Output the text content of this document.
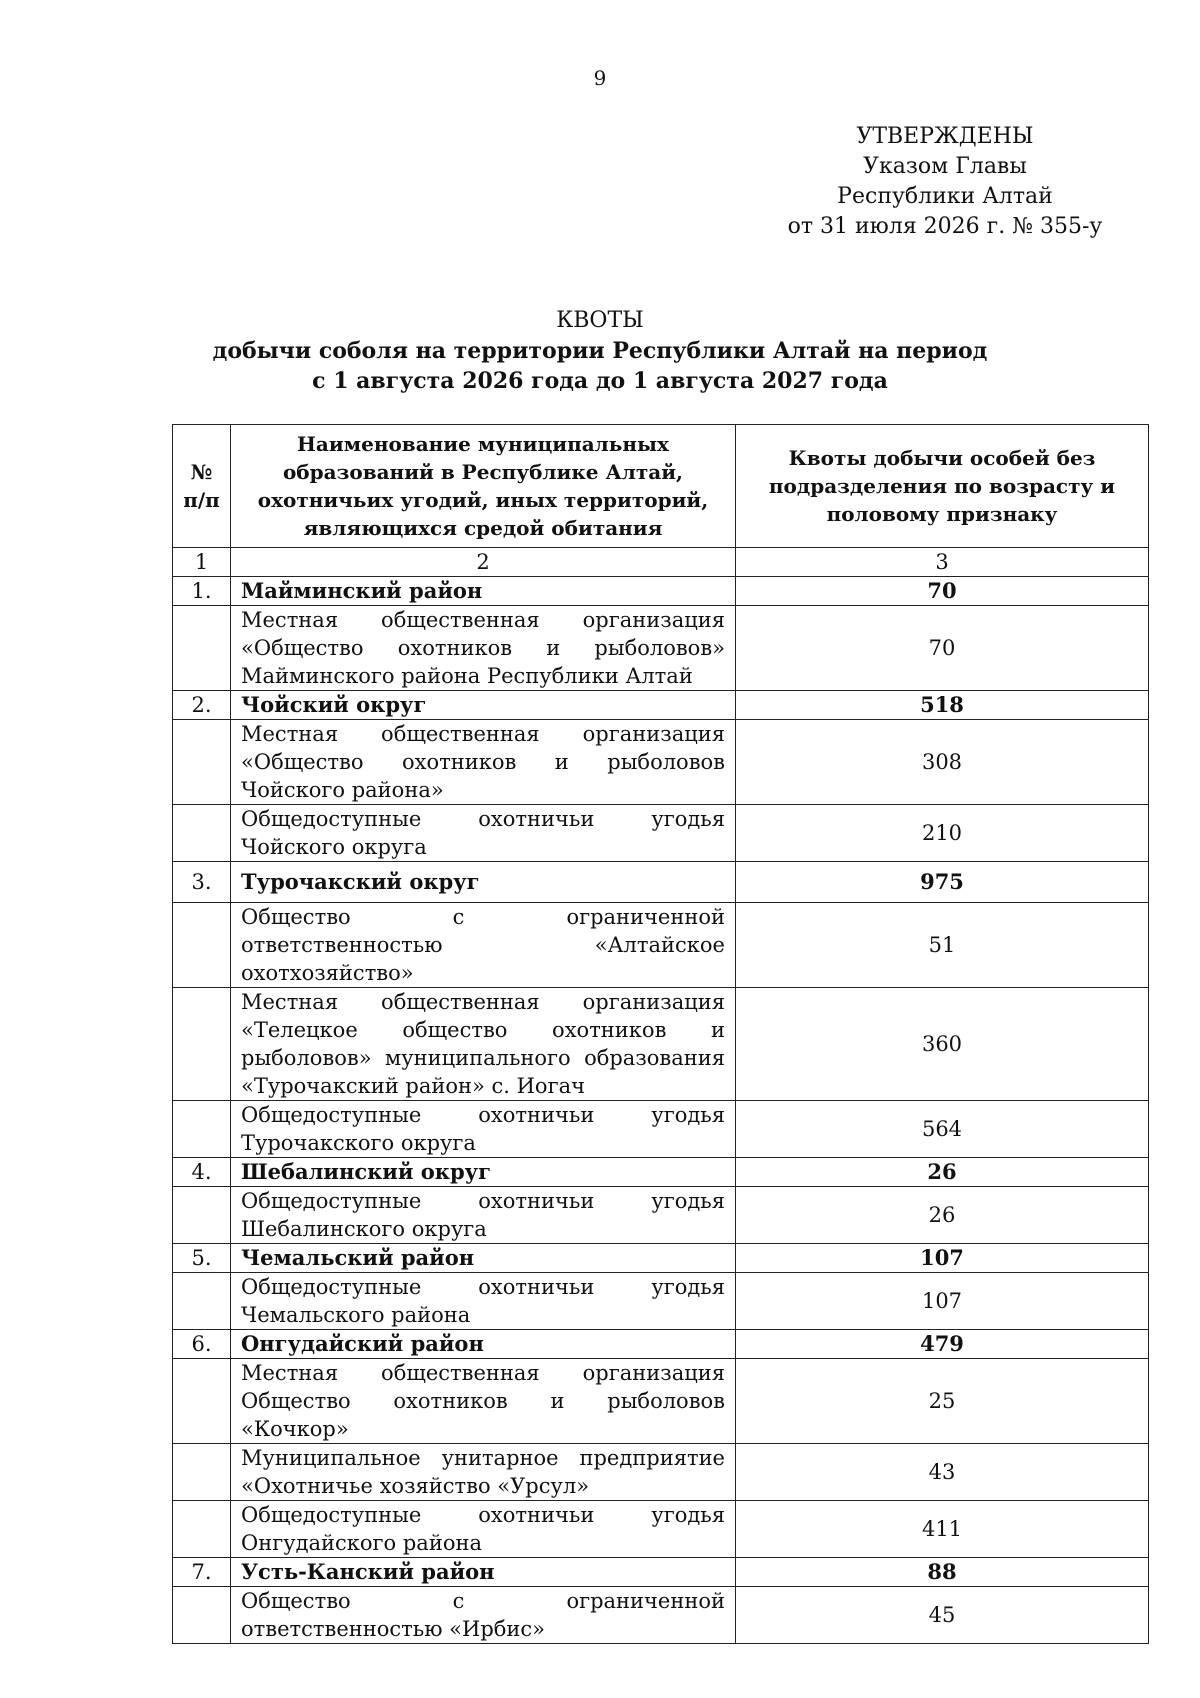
9
УТВЕРЖДЕНЫ
Указом Главы
Республики Алтай
от 31 июля 2026 г. № 355-у
КВОТЫ
добычи соболя на территории Республики Алтай на период
с 1 августа 2026 года до 1 августа 2027 года
№ п/п	Наименование муниципальных образований в Республике Алтай, охотничьих угодий, иных территорий, являющихся средой обитания	Квоты добычи особей без подразделения по возрасту и половому признаку
1	2	3
1.	Майминский район	70
	Местная общественная организация «Общество охотников и рыболовов» Майминского района Республики Алтай	70
2.	Чойский округ	518
	Местная общественная организация «Общество охотников и рыболовов Чойского района»	308
	Общедоступные охотничьи угодья Чойского округа	210
3.	Турочакский округ	975
	Общество с ограниченной ответственностью «Алтайское охотхозяйство»	51
	Местная общественная организация «Телецкое общество охотников и рыболовов» муниципального образования «Турочакский район» с. Иогач	360
	Общедоступные охотничьи угодья Турочакского округа	564
4.	Шебалинский округ	26
	Общедоступные охотничьи угодья Шебалинского округа	26
5.	Чемальский район	107
	Общедоступные охотничьи угодья Чемальского района	107
6.	Онгудайский район	479
	Местная общественная организация Общество охотников и рыболовов «Кочкор»	25
	Муниципальное унитарное предприятие «Охотничье хозяйство «Урсул»	43
	Общедоступные охотничьи угодья Онгудайского района	411
7.	Усть-Канский район	88
	Общество с ограниченной ответственностью «Ирбис»	45
